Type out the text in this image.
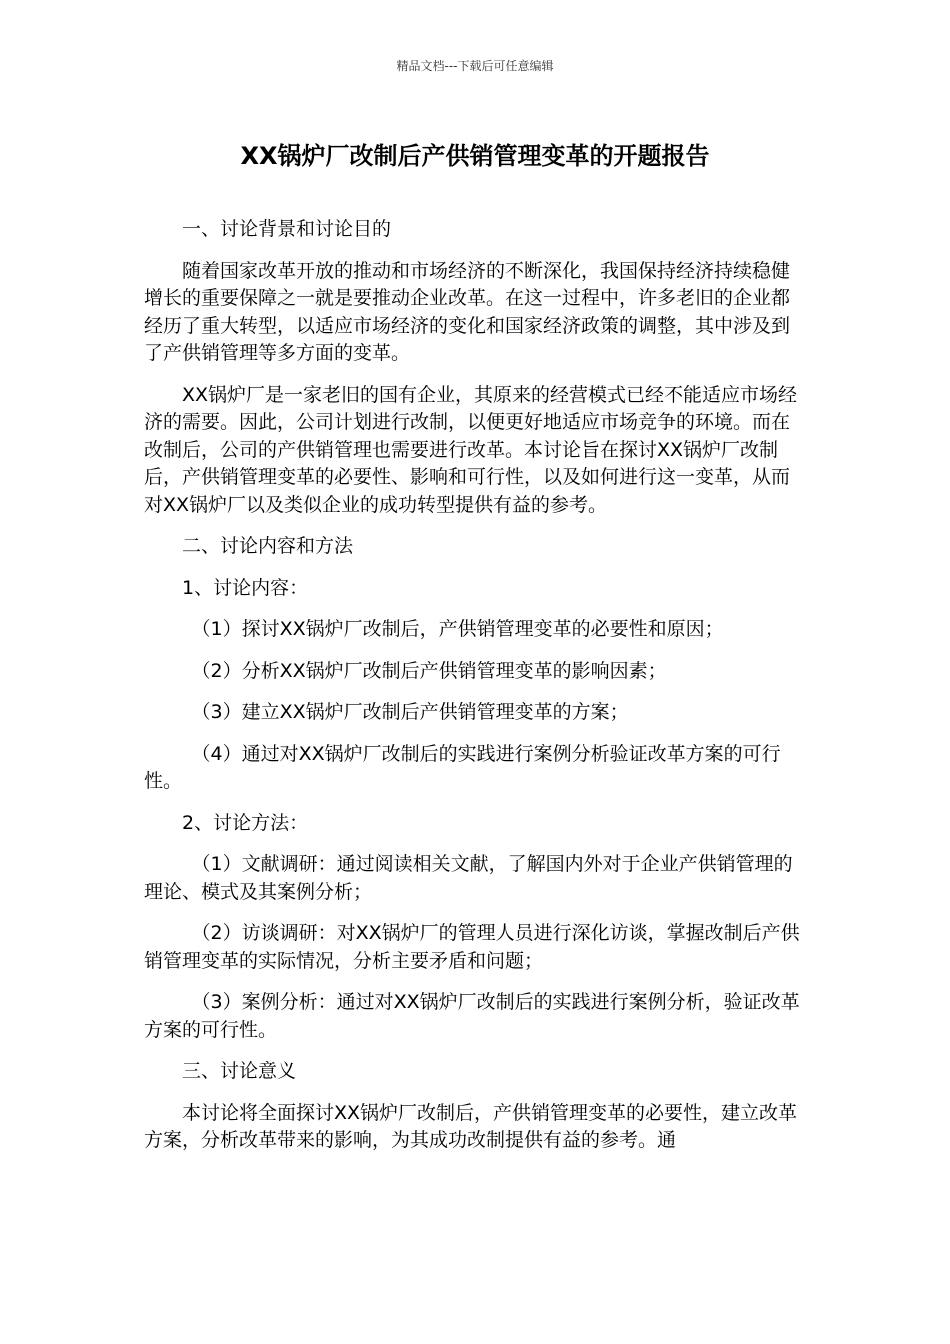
精品文档---下载后可任意编辑
XX锅炉厂改制后产供销管理变革的开题报告

一、讨论背景和讨论目的

随着国家改革开放的推动和市场经济的不断深化，我国保持经济持续稳健增长的重要保障之一就是要推动企业改革。在这一过程中，许多老旧的企业都经历了重大转型，以适应市场经济的变化和国家经济政策的调整，其中涉及到了产供销管理等多方面的变革。

XX锅炉厂是一家老旧的国有企业，其原来的经营模式已经不能适应市场经济的需要。因此，公司计划进行改制，以便更好地适应市场竞争的环境。而在改制后，公司的产供销管理也需要进行改革。本讨论旨在探讨XX锅炉厂改制后，产供销管理变革的必要性、影响和可行性，以及如何进行这一变革，从而对XX锅炉厂以及类似企业的成功转型提供有益的参考。

二、讨论内容和方法

1、讨论内容：

（1）探讨XX锅炉厂改制后，产供销管理变革的必要性和原因；

（2）分析XX锅炉厂改制后产供销管理变革的影响因素；

（3）建立XX锅炉厂改制后产供销管理变革的方案；

（4）通过对XX锅炉厂改制后的实践进行案例分析验证改革方案的可行性。

2、讨论方法：

（1）文献调研：通过阅读相关文献，了解国内外对于企业产供销管理的理论、模式及其案例分析；

（2）访谈调研：对XX锅炉厂的管理人员进行深化访谈，掌握改制后产供销管理变革的实际情况，分析主要矛盾和问题；

（3）案例分析：通过对XX锅炉厂改制后的实践进行案例分析，验证改革方案的可行性。

三、讨论意义

本讨论将全面探讨XX锅炉厂改制后，产供销管理变革的必要性，建立改革方案，分析改革带来的影响，为其成功改制提供有益的参考。通
